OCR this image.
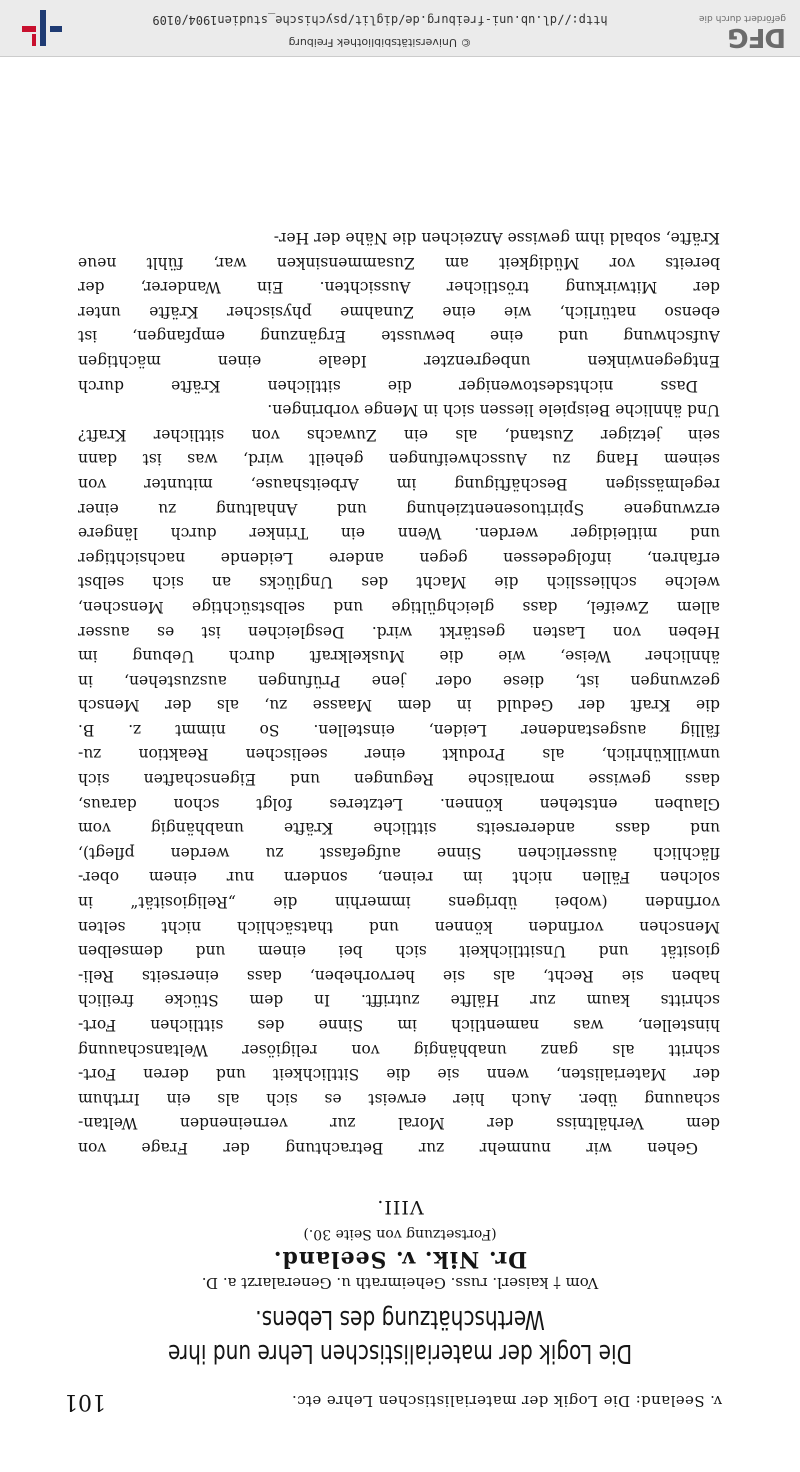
v. Seeland: Die Logik der materialistischen Lehre etc.
101
Die Logik der materialistischen Lehre und ihre
Werthschätzung des Lebens.
Vom † kaiserl. russ. Geheimrath u. Generalarzt a. D.
Dr. Nik. v. Seeland.
(Fortsetzung von Seite 30.)
VIII.
Gehen wir nunmehr zur Betrachtung der Frage von
dem Verhältniss der Moral zur verneinenden Weltan-
schauung über. Auch hier erweist es sich als ein Irrthum
der Materialisten, wenn sie die Sittlichkeit und deren Fort-
schritt als ganz unabhängig von religiöser Weltanschauung
hinstellen, was namentlich im Sinne des sittlichen Fort-
schritts kaum zur Hälfte zutrifft. In dem Stücke freilich
haben sie Recht, als sie hervorheben, dass einerseits Reli-
giosität und Unsittlichkeit sich bei einem und demselben
Menschen vorfinden können und thatsächlich nicht selten
vorfinden (wobei übrigens immerhin die „Religiosität“ in
solchen Fällen nicht im reinen, sondern nur einem ober-
flächlich äusserlichen Sinne aufgefasst zu werden pflegt),
und dass andererseits sittliche Kräfte unabhängig vom
Glauben entstehen können. Letzteres folgt schon daraus,
dass gewisse moralische Regungen und Eigenschaften sich
unwillkührlich, als Produkt einer seelischen Reaktion zu-
fällig ausgestandener Leiden, einstellen. So nimmt z. B.
die Kraft der Geduld in dem Maasse zu, als der Mensch
gezwungen ist, diese oder jene Prüfungen auszustehen, in
ähnlicher Weise, wie die Muskelkraft durch Uebung im
Heben von Lasten gestärkt wird. Desgleichen ist es ausser
allem Zweifel, dass gleichgültige und selbstsüchtige Menschen,
welche schliesslich die Macht des Unglücks an sich selbst
erfahren, infolgedessen gegen andere Leidende nachsichtiger
und mitleidiger werden. Wenn ein Trinker durch längere
erzwungene Spirituosenentziehung und Anhaltung zu einer
regelmässigen Beschäftigung im Arbeitshause, mitunter von
seinem Hang zu Ausschweifungen geheilt wird, was ist dann
sein jetziger Zustand, als ein Zuwachs von sittlicher Kraft?
Und ähnliche Beispiele liessen sich in Menge vorbringen.
Dass nichtsdestoweniger die sittlichen Kräfte durch
Entgegenwinken unbegrenzter Ideale einen mächtigen
Aufschwung und eine bewusste Ergänzung empfangen, ist
ebenso natürlich, wie eine Zunahme physischer Kräfte unter
der Mitwirkung tröstlicher Aussichten. Ein Wanderer, der
bereits vor Müdigkeit am Zusammensinken war, fühlt neue
Kräfte, sobald ihm gewisse Anzeichen die Nähe der Her-
DFG
gefördert durch die
© Universitätsbibliothek Freiburg
http://dl.ub.uni-freiburg.de/diglit/psychische_studien1904/0109
